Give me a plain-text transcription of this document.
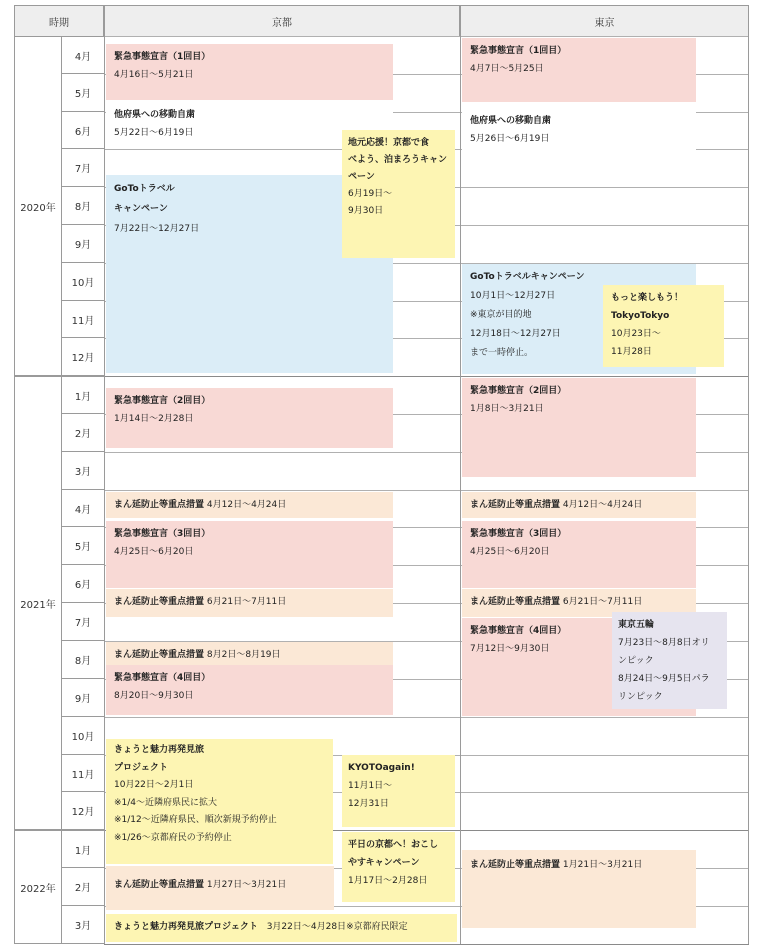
時期	京都	東京
2020年
2021年
2022年
4月
5月
6月
7月
8月
9月
10月
11月
12月
1月
2月
3月
4月
5月
6月
7月
8月
9月
10月
11月
12月
1月
2月
3月
緊急事態宣言（1回目）
4月16日～5月21日
他府県への移動自粛
5月22日～6月19日
GoToトラベル
キャンペーン
7月22日～12月27日
地元応援！京都で食
べよう、泊まろうキャン
ペーン
6月19日～
9月30日
緊急事態宣言（2回目）
1月14日～2月28日
まん延防止等重点措置 4月12日～4月24日
緊急事態宣言（3回目）
4月25日～6月20日
まん延防止等重点措置 6月21日～7月11日
まん延防止等重点措置 8月2日～8月19日
緊急事態宣言（4回目）
8月20日～9月30日
きょうと魅力再発見旅
プロジェクト
10月22日～2月1日
※1/4～近隣府県民に拡大
※1/12～近隣府県民、順次新規予約停止
※1/26～京都府民の予約停止
KYOTOagain!
11月1日～
12月31日
まん延防止等重点措置 1月27日～3月21日
平日の京都へ！おこし
やすキャンペーン
1月17日～2月28日
きょうと魅力再発見旅プロジェクト 3月22日～4月28日※京都府民限定
緊急事態宣言（1回目）
4月7日～5月25日
他府県への移動自粛
5月26日～6月19日
GoToトラベルキャンペーン
10月1日～12月27日
※東京が目的地
12月18日～12月27日
まで一時停止。
もっと楽しもう！
TokyoTokyo
10月23日～
11月28日
緊急事態宣言（2回目）
1月8日～3月21日
まん延防止等重点措置 4月12日～4月24日
緊急事態宣言（3回目）
4月25日～6月20日
まん延防止等重点措置 6月21日～7月11日
緊急事態宣言（4回目）
7月12日～9月30日
東京五輪
7月23日～8月8日オリ
ンピック
8月24日～9月5日パラ
リンピック
まん延防止等重点措置 1月21日～3月21日
